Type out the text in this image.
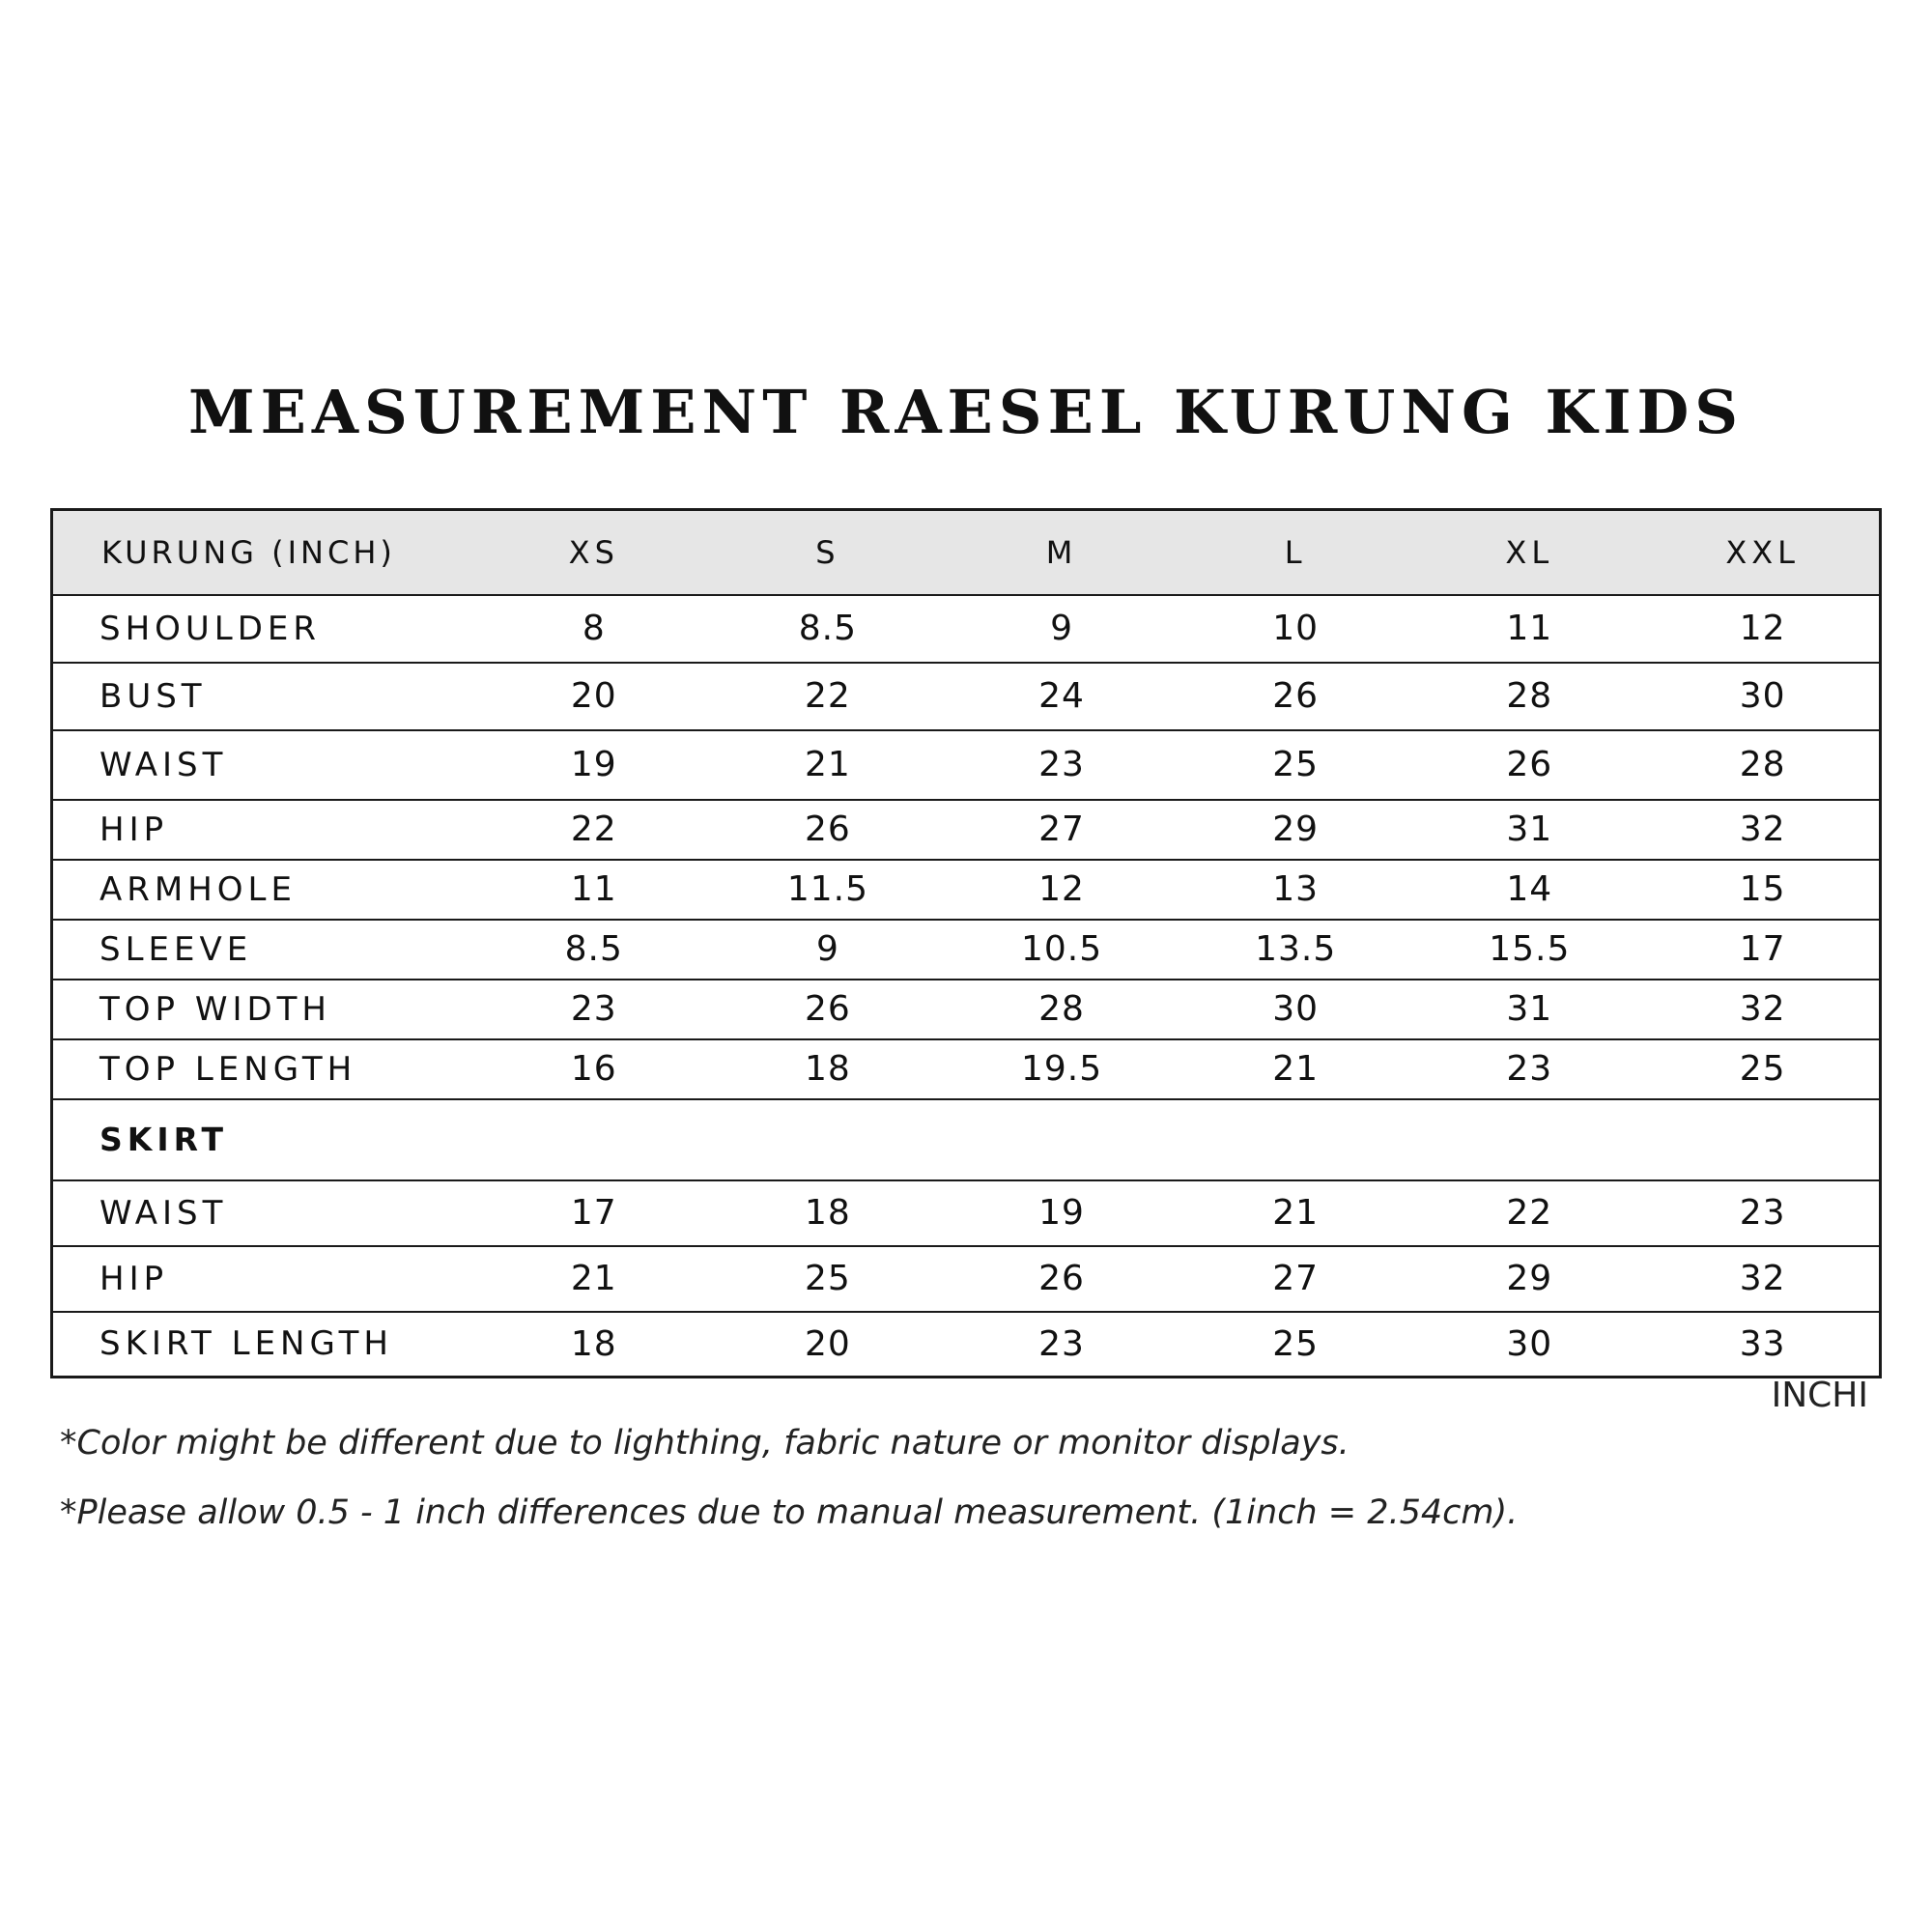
MEASUREMENT RAESEL KURUNG KIDS
KURUNG (INCH)	XS	S	M	L	XL	XXL
SHOULDER	8	8.5	9	10	11	12
BUST	20	22	24	26	28	30
WAIST	19	21	23	25	26	28
HIP	22	26	27	29	31	32
ARMHOLE	11	11.5	12	13	14	15
SLEEVE	8.5	9	10.5	13.5	15.5	17
TOP WIDTH	23	26	28	30	31	32
TOP LENGTH	16	18	19.5	21	23	25
SKIRT						
WAIST	17	18	19	21	22	23
HIP	21	25	26	27	29	32
SKIRT LENGTH	18	20	23	25	30	33
INCHI
*Color might be different due to lighthing, fabric nature or monitor displays.
*Please allow 0.5 - 1 inch differences due to manual measurement. (1inch = 2.54cm).
